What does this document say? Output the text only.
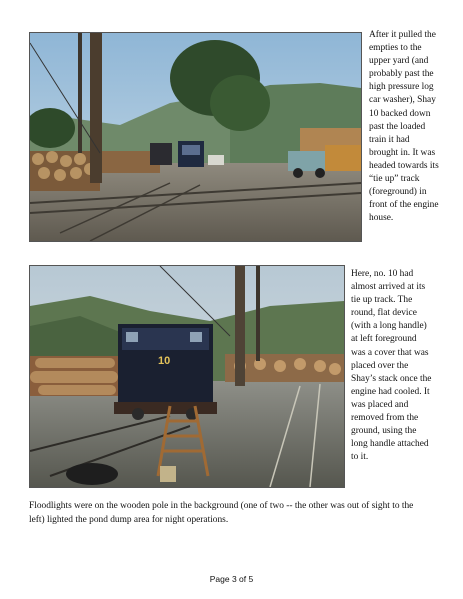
After it pulled the empties to the upper yard (and probably past the high pressure log car washer), Shay 10 backed down past the loaded train it had brought in. It was headed towards its “tie up” track (foreground) in front of the engine house.

10

Here, no. 10 had almost arrived at its tie up track. The round, flat device (with a long handle) at left foreground was a cover that was placed over the Shay’s stack once the engine had cooled. It was placed and removed from the ground, using the long handle attached to it.

Floodlights were on the wooden pole in the background (one of two -- the other was out of sight to the left) lighted the pond dump area for night operations.

Page 3 of 5
